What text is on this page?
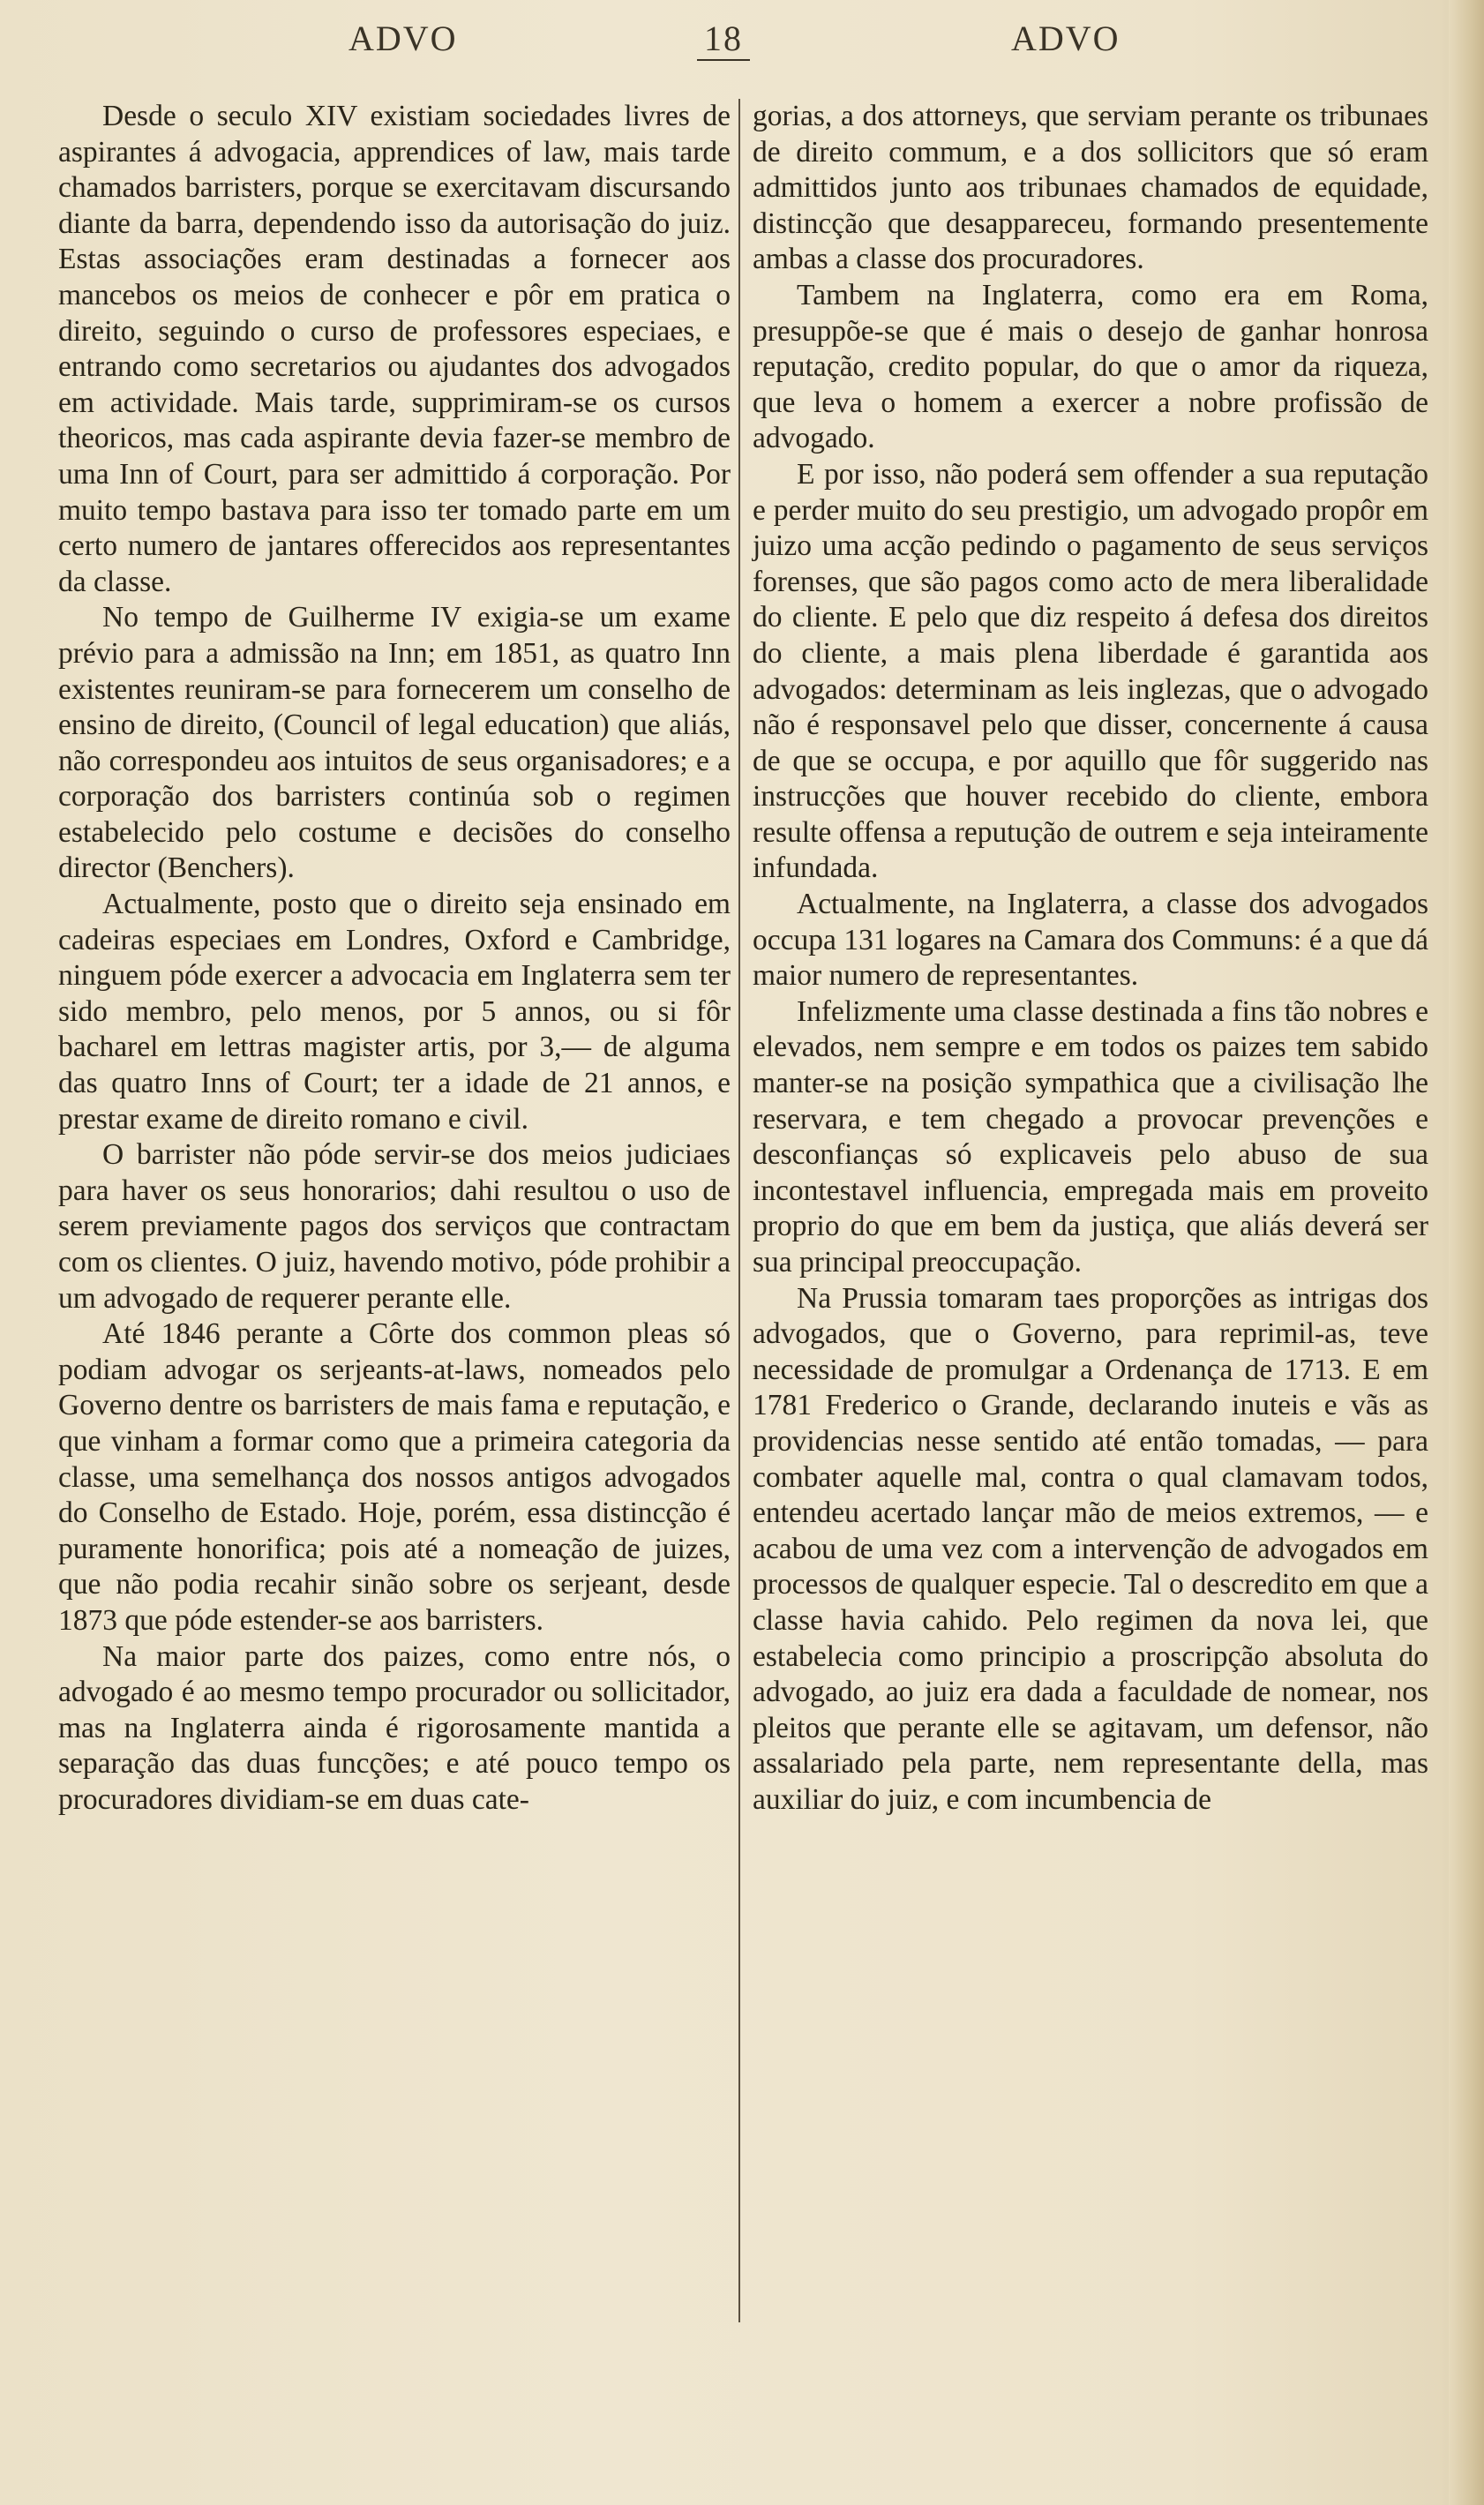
ADVO	18	ADVO

Desde o seculo XIV existiam sociedades livres de aspirantes á advogacia, apprendices of law, mais tarde chamados barristers, porque se exercitavam discursando diante da barra, dependendo isso da autorisação do juiz. Estas associações eram destinadas a fornecer aos mancebos os meios de conhecer e pôr em pratica o direito, seguindo o curso de professores especiaes, e entrando como secretarios ou ajudantes dos advogados em actividade. Mais tarde, supprimiram-se os cursos theoricos, mas cada aspirante devia fazer-se membro de uma Inn of Court, para ser admittido á corporação. Por muito tempo bastava para isso ter tomado parte em um certo numero de jantares offerecidos aos representantes da classe.

No tempo de Guilherme IV exigia-se um exame prévio para a admissão na Inn; em 1851, as quatro Inn existentes reuniram-se para fornecerem um conselho de ensino de direito, (Council of legal education) que aliás, não correspondeu aos intuitos de seus organisadores; e a corporação dos barristers continúa sob o regimen estabelecido pelo costume e decisões do conselho director (Benchers).

Actualmente, posto que o direito seja ensinado em cadeiras especiaes em Londres, Oxford e Cambridge, ninguem póde exercer a advocacia em Inglaterra sem ter sido membro, pelo menos, por 5 annos, ou si fôr bacharel em lettras magister artis, por 3,— de alguma das quatro Inns of Court; ter a idade de 21 annos, e prestar exame de direito romano e civil.

O barrister não póde servir-se dos meios judiciaes para haver os seus honorarios; dahi resultou o uso de serem previamente pagos dos serviços que contractam com os clientes. O juiz, havendo motivo, póde prohibir a um advogado de requerer perante elle.

Até 1846 perante a Côrte dos common pleas só podiam advogar os serjeants-at-laws, nomeados pelo Governo dentre os barristers de mais fama e reputação, e que vinham a formar como que a primeira categoria da classe, uma semelhança dos nossos antigos advogados do Conselho de Estado. Hoje, porém, essa distincção é puramente honorifica; pois até a nomeação de juizes, que não podia recahir sinão sobre os serjeant, desde 1873 que póde estender-se aos barristers.

Na maior parte dos paizes, como entre nós, o advogado é ao mesmo tempo procurador ou sollicitador, mas na Inglaterra ainda é rigorosamente mantida a separação das duas funcções; e até pouco tempo os procuradores dividiam-se em duas cate-

gorias, a dos attorneys, que serviam perante os tribunaes de direito commum, e a dos sollicitors que só eram admittidos junto aos tribunaes chamados de equidade, distincção que desappareceu, formando presentemente ambas a classe dos procuradores.

Tambem na Inglaterra, como era em Roma, presuppõe-se que é mais o desejo de ganhar honrosa reputação, credito popular, do que o amor da riqueza, que leva o homem a exercer a nobre profissão de advogado.

E por isso, não poderá sem offender a sua reputação e perder muito do seu prestigio, um advogado propôr em juizo uma acção pedindo o pagamento de seus serviços forenses, que são pagos como acto de mera liberalidade do cliente. E pelo que diz respeito á defesa dos direitos do cliente, a mais plena liberdade é garantida aos advogados: determinam as leis inglezas, que o advogado não é responsavel pelo que disser, concernente á causa de que se occupa, e por aquillo que fôr suggerido nas instrucções que houver recebido do cliente, embora resulte offensa a reputução de outrem e seja inteiramente infundada.

Actualmente, na Inglaterra, a classe dos advogados occupa 131 logares na Camara dos Communs: é a que dá maior numero de representantes.

Infelizmente uma classe destinada a fins tão nobres e elevados, nem sempre e em todos os paizes tem sabido manter-se na posição sympathica que a civilisação lhe reservara, e tem chegado a provocar prevenções e desconfianças só explicaveis pelo abuso de sua incontestavel influencia, empregada mais em proveito proprio do que em bem da justiça, que aliás deverá ser sua principal preoccupação.

Na Prussia tomaram taes proporções as intrigas dos advogados, que o Governo, para reprimil-as, teve necessidade de promulgar a Ordenança de 1713. E em 1781 Frederico o Grande, declarando inuteis e vãs as providencias nesse sentido até então tomadas, — para combater aquelle mal, contra o qual clamavam todos, entendeu acertado lançar mão de meios extremos, — e acabou de uma vez com a intervenção de advogados em processos de qualquer especie. Tal o descredito em que a classe havia cahido. Pelo regimen da nova lei, que estabelecia como principio a proscripção absoluta do advogado, ao juiz era dada a faculdade de nomear, nos pleitos que perante elle se agitavam, um defensor, não assalariado pela parte, nem representante della, mas auxiliar do juiz, e com incumbencia de
